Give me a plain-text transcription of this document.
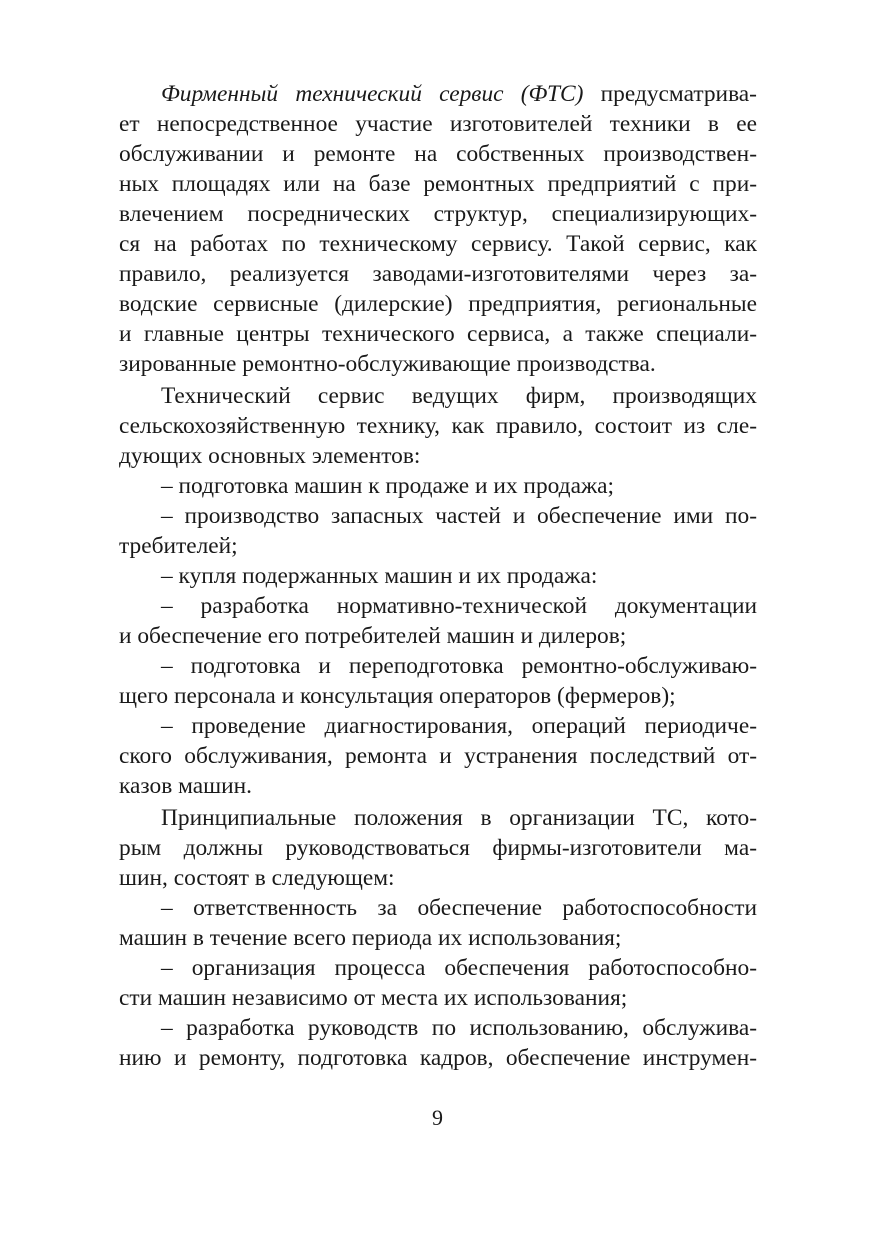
Фирменный технический сервис (ФТС) предусматрива-
ет непосредственное участие изготовителей техники в ее
обслуживании и ремонте на собственных производствен-
ных площадях или на базе ремонтных предприятий с при-
влечением посреднических структур, специализирующих-
ся на работах по техническому сервису. Такой сервис, как
правило, реализуется заводами-изготовителями через за-
водские сервисные (дилерские) предприятия, региональные
и главные центры технического сервиса, а также специали-
зированные ремонтно-обслуживающие производства.
Технический сервис ведущих фирм, производящих
сельскохозяйственную технику, как правило, состоит из сле-
дующих основных элементов:
– подготовка машин к продаже и их продажа;
– производство запасных частей и обеспечение ими по-
требителей;
– купля подержанных машин и их продажа:
– разработка нормативно-технической документации
и обеспечение его потребителей машин и дилеров;
– подготовка и переподготовка ремонтно-обслуживаю-
щего персонала и консультация операторов (фермеров);
– проведение диагностирования, операций периодиче-
ского обслуживания, ремонта и устранения последствий от-
казов машин.
Принципиальные положения в организации ТС, кото-
рым должны руководствоваться фирмы-изготовители ма-
шин, состоят в следующем:
– ответственность за обеспечение работоспособности
машин в течение всего периода их использования;
– организация процесса обеспечения работоспособно-
сти машин независимо от места их использования;
– разработка руководств по использованию, обслужива-
нию и ремонту, подготовка кадров, обеспечение инструмен-
9
